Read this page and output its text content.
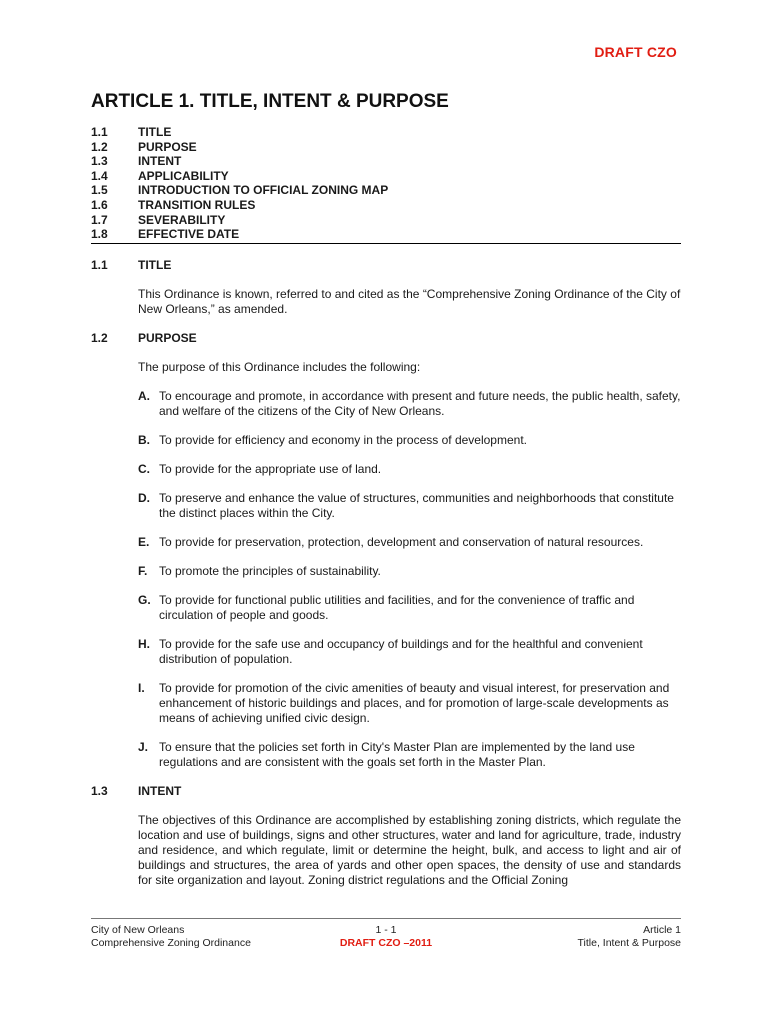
DRAFT CZO
ARTICLE 1. TITLE, INTENT & PURPOSE
1.1	TITLE
1.2	PURPOSE
1.3	INTENT
1.4	APPLICABILITY
1.5	INTRODUCTION TO OFFICIAL ZONING MAP
1.6	TRANSITION RULES
1.7	SEVERABILITY
1.8	EFFECTIVE DATE
1.1	TITLE
This Ordinance is known, referred to and cited as the “Comprehensive Zoning Ordinance of the City of New Orleans,” as amended.
1.2	PURPOSE
The purpose of this Ordinance includes the following:
A. To encourage and promote, in accordance with present and future needs, the public health, safety, and welfare of the citizens of the City of New Orleans.
B. To provide for efficiency and economy in the process of development.
C. To provide for the appropriate use of land.
D. To preserve and enhance the value of structures, communities and neighborhoods that constitute the distinct places within the City.
E. To provide for preservation, protection, development and conservation of natural resources.
F. To promote the principles of sustainability.
G. To provide for functional public utilities and facilities, and for the convenience of traffic and circulation of people and goods.
H. To provide for the safe use and occupancy of buildings and for the healthful and convenient distribution of population.
I.	To provide for promotion of the civic amenities of beauty and visual interest, for preservation and enhancement of historic buildings and places, and for promotion of large-scale developments as means of achieving unified civic design.
J. To ensure that the policies set forth in City's Master Plan are implemented by the land use regulations and are consistent with the goals set forth in the Master Plan.
1.3	INTENT
The objectives of this Ordinance are accomplished by establishing zoning districts, which regulate the location and use of buildings, signs and other structures, water and land for agriculture, trade, industry and residence, and which regulate, limit or determine the height, bulk, and access to light and air of buildings and structures, the area of yards and other open spaces, the density of use and standards for site organization and layout. Zoning district regulations and the Official Zoning
City of New Orleans
Comprehensive Zoning Ordinance
1 - 1
DRAFT CZO –2011
Article 1
Title, Intent & Purpose
